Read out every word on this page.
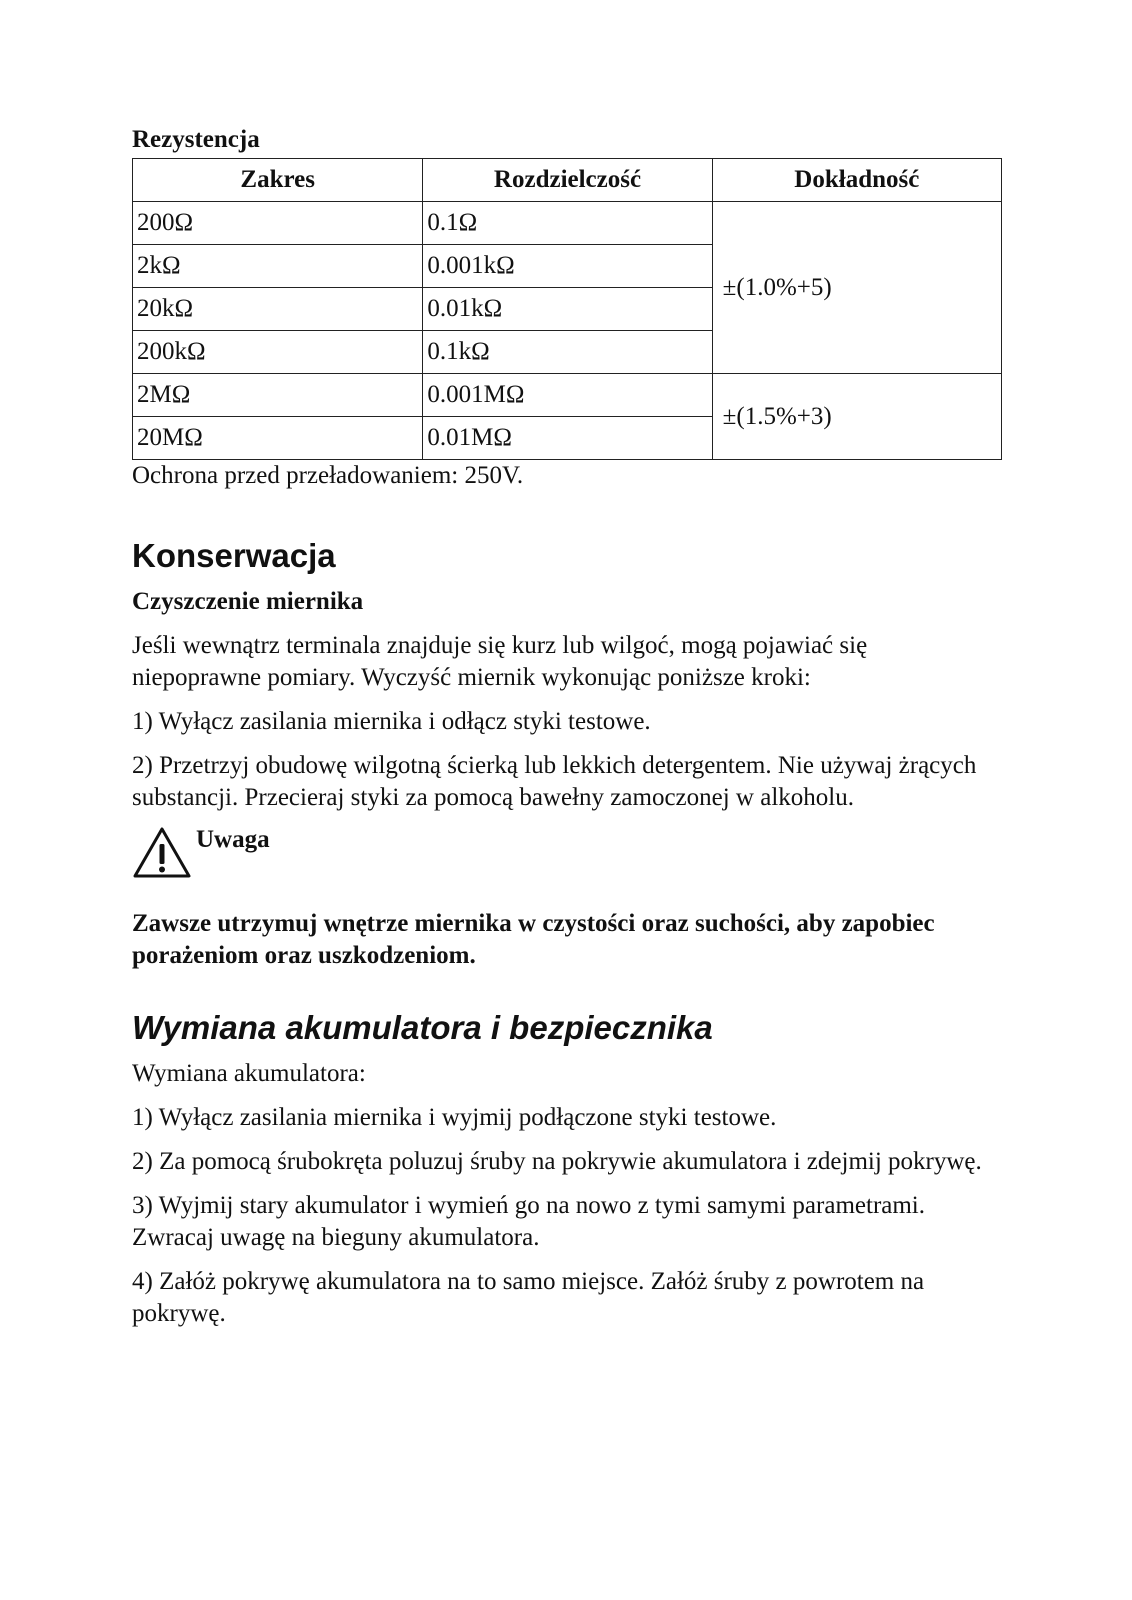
Rezystencja
Zakres	Rozdzielczość	Dokładność
200Ω	0.1Ω	±(1.0%+5)
2kΩ	0.001kΩ	
20kΩ	0.01kΩ	
200kΩ	0.1kΩ	
2MΩ	0.001MΩ	±(1.5%+3)
20MΩ	0.01MΩ	
Ochrona przed przeładowaniem: 250V.
Konserwacja

Czyszczenie miernika

Jeśli wewnątrz terminala znajduje się kurz lub wilgoć, mogą pojawiać się niepoprawne pomiary. Wyczyść miernik wykonując poniższe kroki:

1) Wyłącz zasilania miernika i odłącz styki testowe.

2) Przetrzyj obudowę wilgotną ścierką lub lekkich detergentem. Nie używaj żrących substancji. Przecieraj styki za pomocą bawełny zamoczonej w alkoholu.

Uwaga

Zawsze utrzymuj wnętrze miernika w czystości oraz suchości, aby zapobiec porażeniom oraz uszkodzeniom.

Wymiana akumulatora i bezpiecznika

Wymiana akumulatora:

1) Wyłącz zasilania miernika i wyjmij podłączone styki testowe.

2) Za pomocą śrubokręta poluzuj śruby na pokrywie akumulatora i zdejmij pokrywę.

3) Wyjmij stary akumulator i wymień go na nowo z tymi samymi parametrami. Zwracaj uwagę na bieguny akumulatora.

4) Załóż pokrywę akumulatora na to samo miejsce. Załóż śruby z powrotem na pokrywę.
